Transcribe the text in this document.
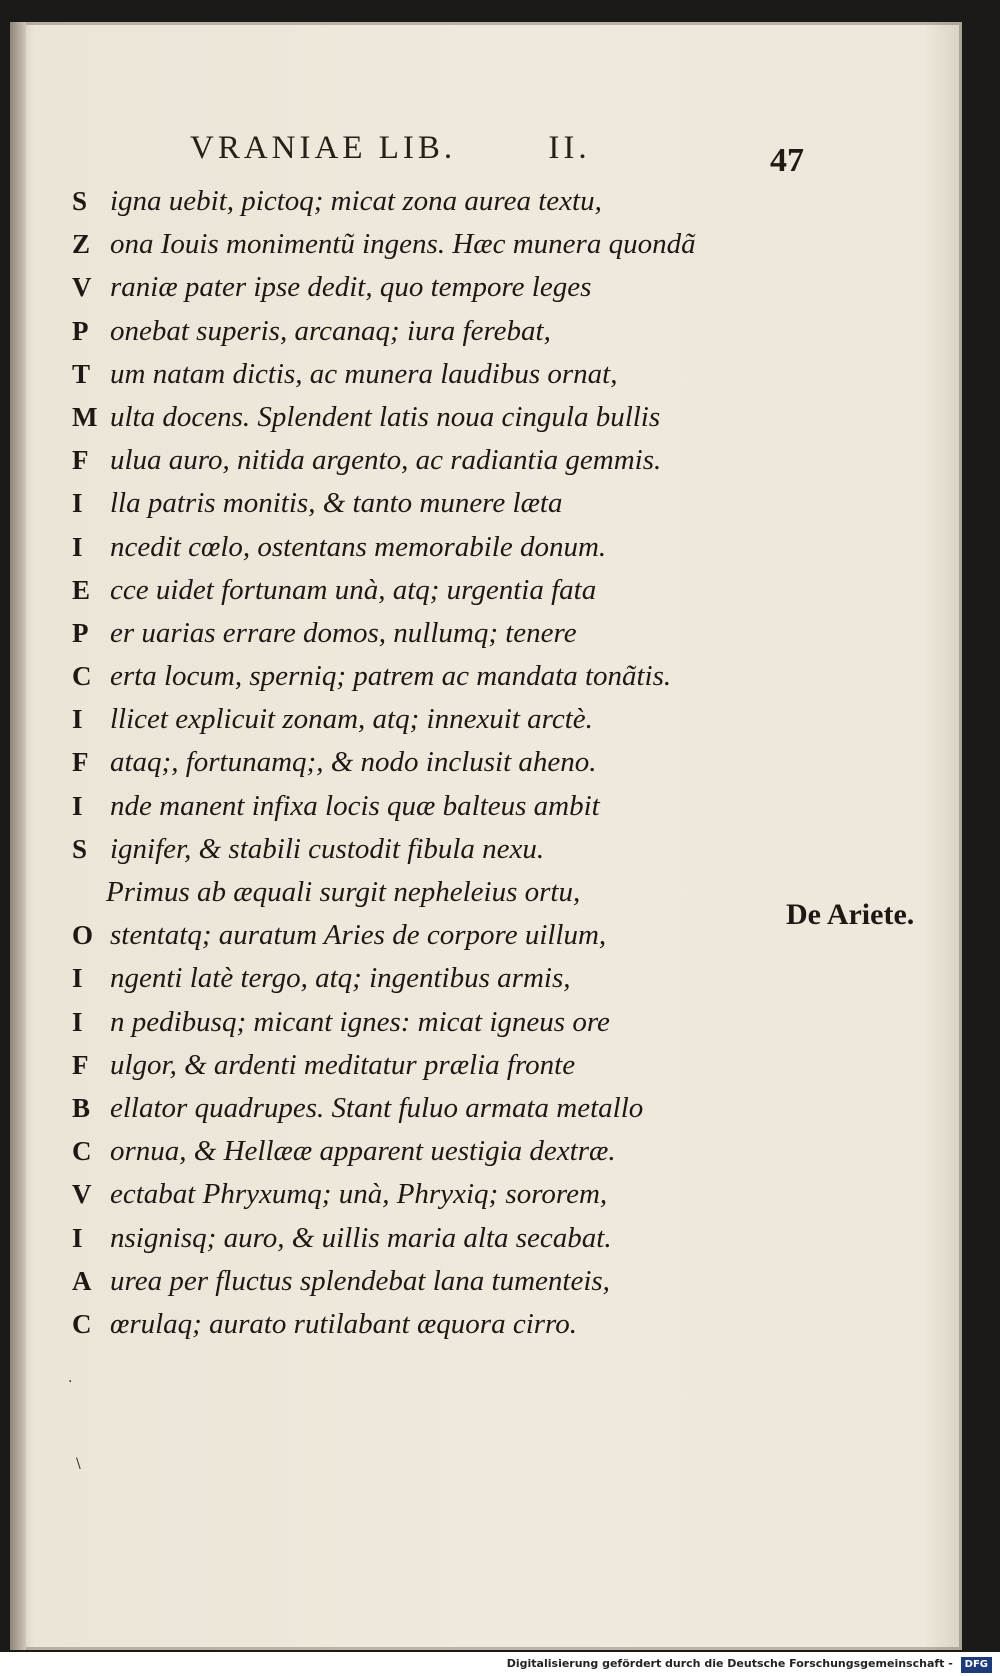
VRANIAE LIB.	II.	47
S igna uebit, pictoq; micat zona aurea textu,
Z ona Iouis monimentũ ingens. Hæc munera quondã
V raniæ pater ipse dedit, quo tempore leges
P onebat superis, arcanaq; iura ferebat,
T um natam dictis, ac munera laudibus ornat,
M ulta docens. Splendent latis noua cingula bullis
F ulua auro, nitida argento, ac radiantia gemmis.
I lla patris monitis, & tanto munere læta
I ncedit cœlo, ostentans memorabile donum.
E cce uidet fortunam unà, atq; urgentia fata
P er uarias errare domos, nullumq; tenere
C erta locum, sperniq; patrem ac mandata tonãtis.
I llicet explicuit zonam, atq; innexuit arctè.
F ataq;, fortunamq;, & nodo inclusit aheno.
I nde manent infixa locis quæ balteus ambit
S ignifer, & stabili custodit fibula nexu.
Primus ab æquali surgit nepheleius ortu,
O stentatq; auratum Aries de corpore uillum,
I ngenti latè tergo, atq; ingentibus armis,
I n pedibusq; micant ignes: micat igneus ore
F ulgor, & ardenti meditatur prælia fronte
B ellator quadrupes. Stant fuluo armata metallo
C ornua, & Hellææ apparent uestigia dextræ.
V ectabat Phryxumq; unà, Phryxiq; sororem,
I nsignisq; auro, & uillis maria alta secabat.
A urea per fluctus splendebat lana tumenteis,
C œrulaq; aurato rutilabant æquora cirro.
De Ariete.
·
\
Digitalisierung gefördert durch die Deutsche Forschungsgemeinschaft - DFG
